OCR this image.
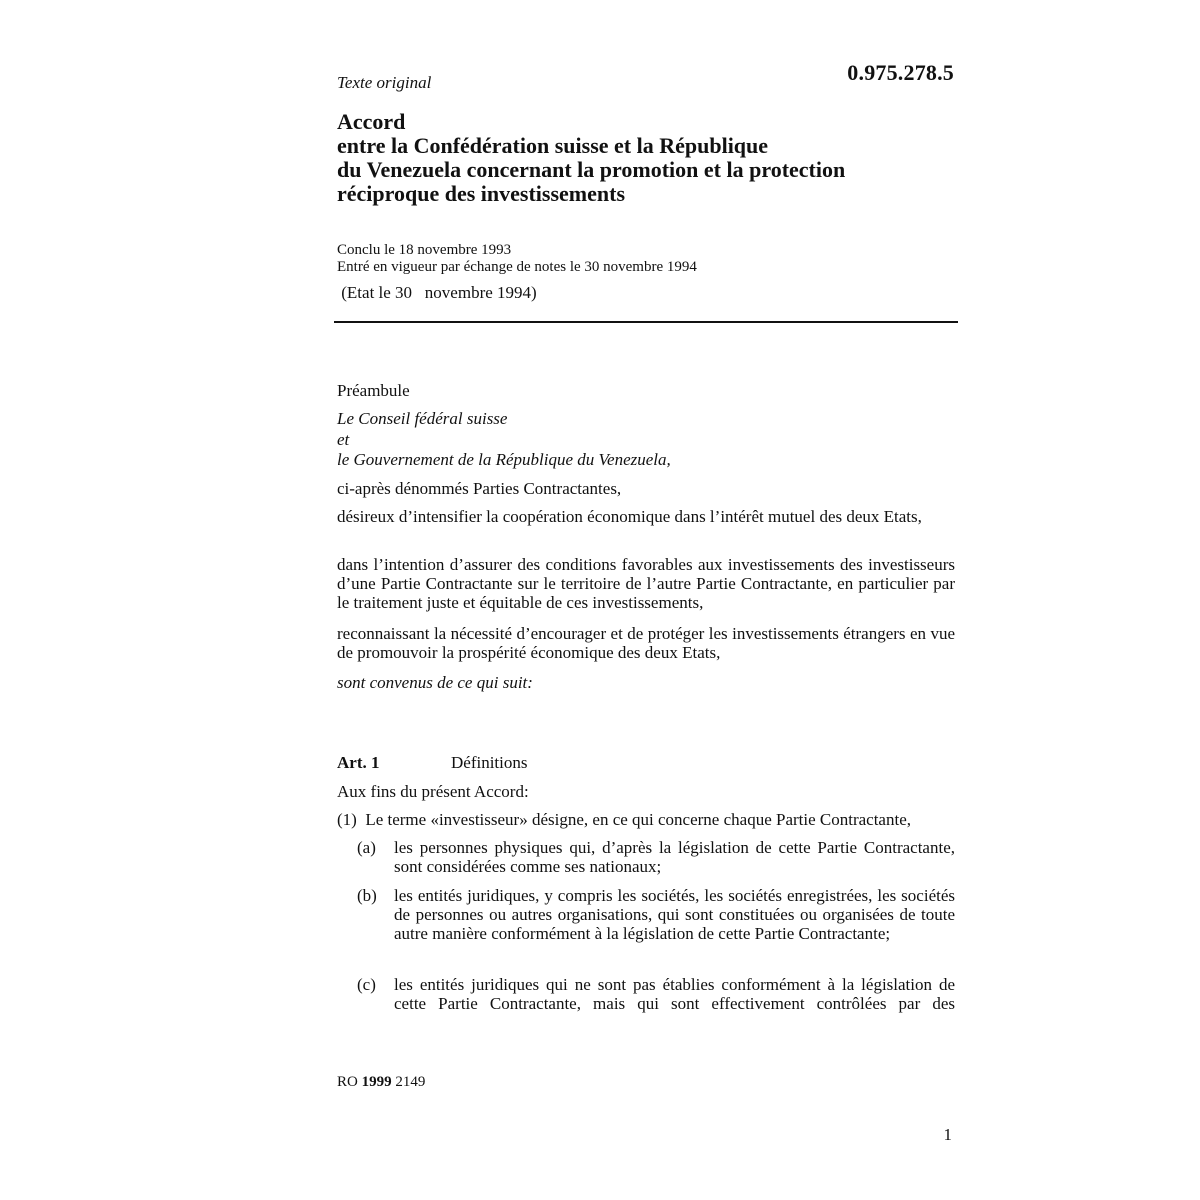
0.975.278.5
Texte original
Accord
entre la Confédération suisse et la République
du Venezuela concernant la promotion et la protection
réciproque des investissements
Conclu le 18 novembre 1993
Entré en vigueur par échange de notes le 30 novembre 1994
(Etat le 30   novembre 1994)
Préambule
Le Conseil fédéral suisse
et
le Gouvernement de la République du Venezuela,
ci-après dénommés Parties Contractantes,
désireux d’intensifier la coopération économique dans l’intérêt mutuel des deux Etats,
dans l’intention d’assurer des conditions favorables aux investissements des investisseurs d’une Partie Contractante sur le territoire de l’autre Partie Contractante, en particulier par le traitement juste et équitable de ces investissements,
reconnaissant la nécessité d’encourager et de protéger les investissements étrangers en vue de promouvoir la prospérité économique des deux Etats,
sont convenus de ce qui suit:
Art. 1	Définitions
Aux fins du présent Accord:
(1)  Le terme «investisseur» désigne, en ce qui concerne chaque Partie Contractante,
(a) les personnes physiques qui, d’après la législation de cette Partie Contractante, sont considérées comme ses nationaux;
(b) les entités juridiques, y compris les sociétés, les sociétés enregistrées, les sociétés de personnes ou autres organisations, qui sont constituées ou organisées de toute autre manière conformément à la législation de cette Partie Contractante;
(c) les entités juridiques qui ne sont pas établies conformément à la législation de cette Partie Contractante, mais qui sont effectivement contrôlées par des
RO 1999 2149
1
